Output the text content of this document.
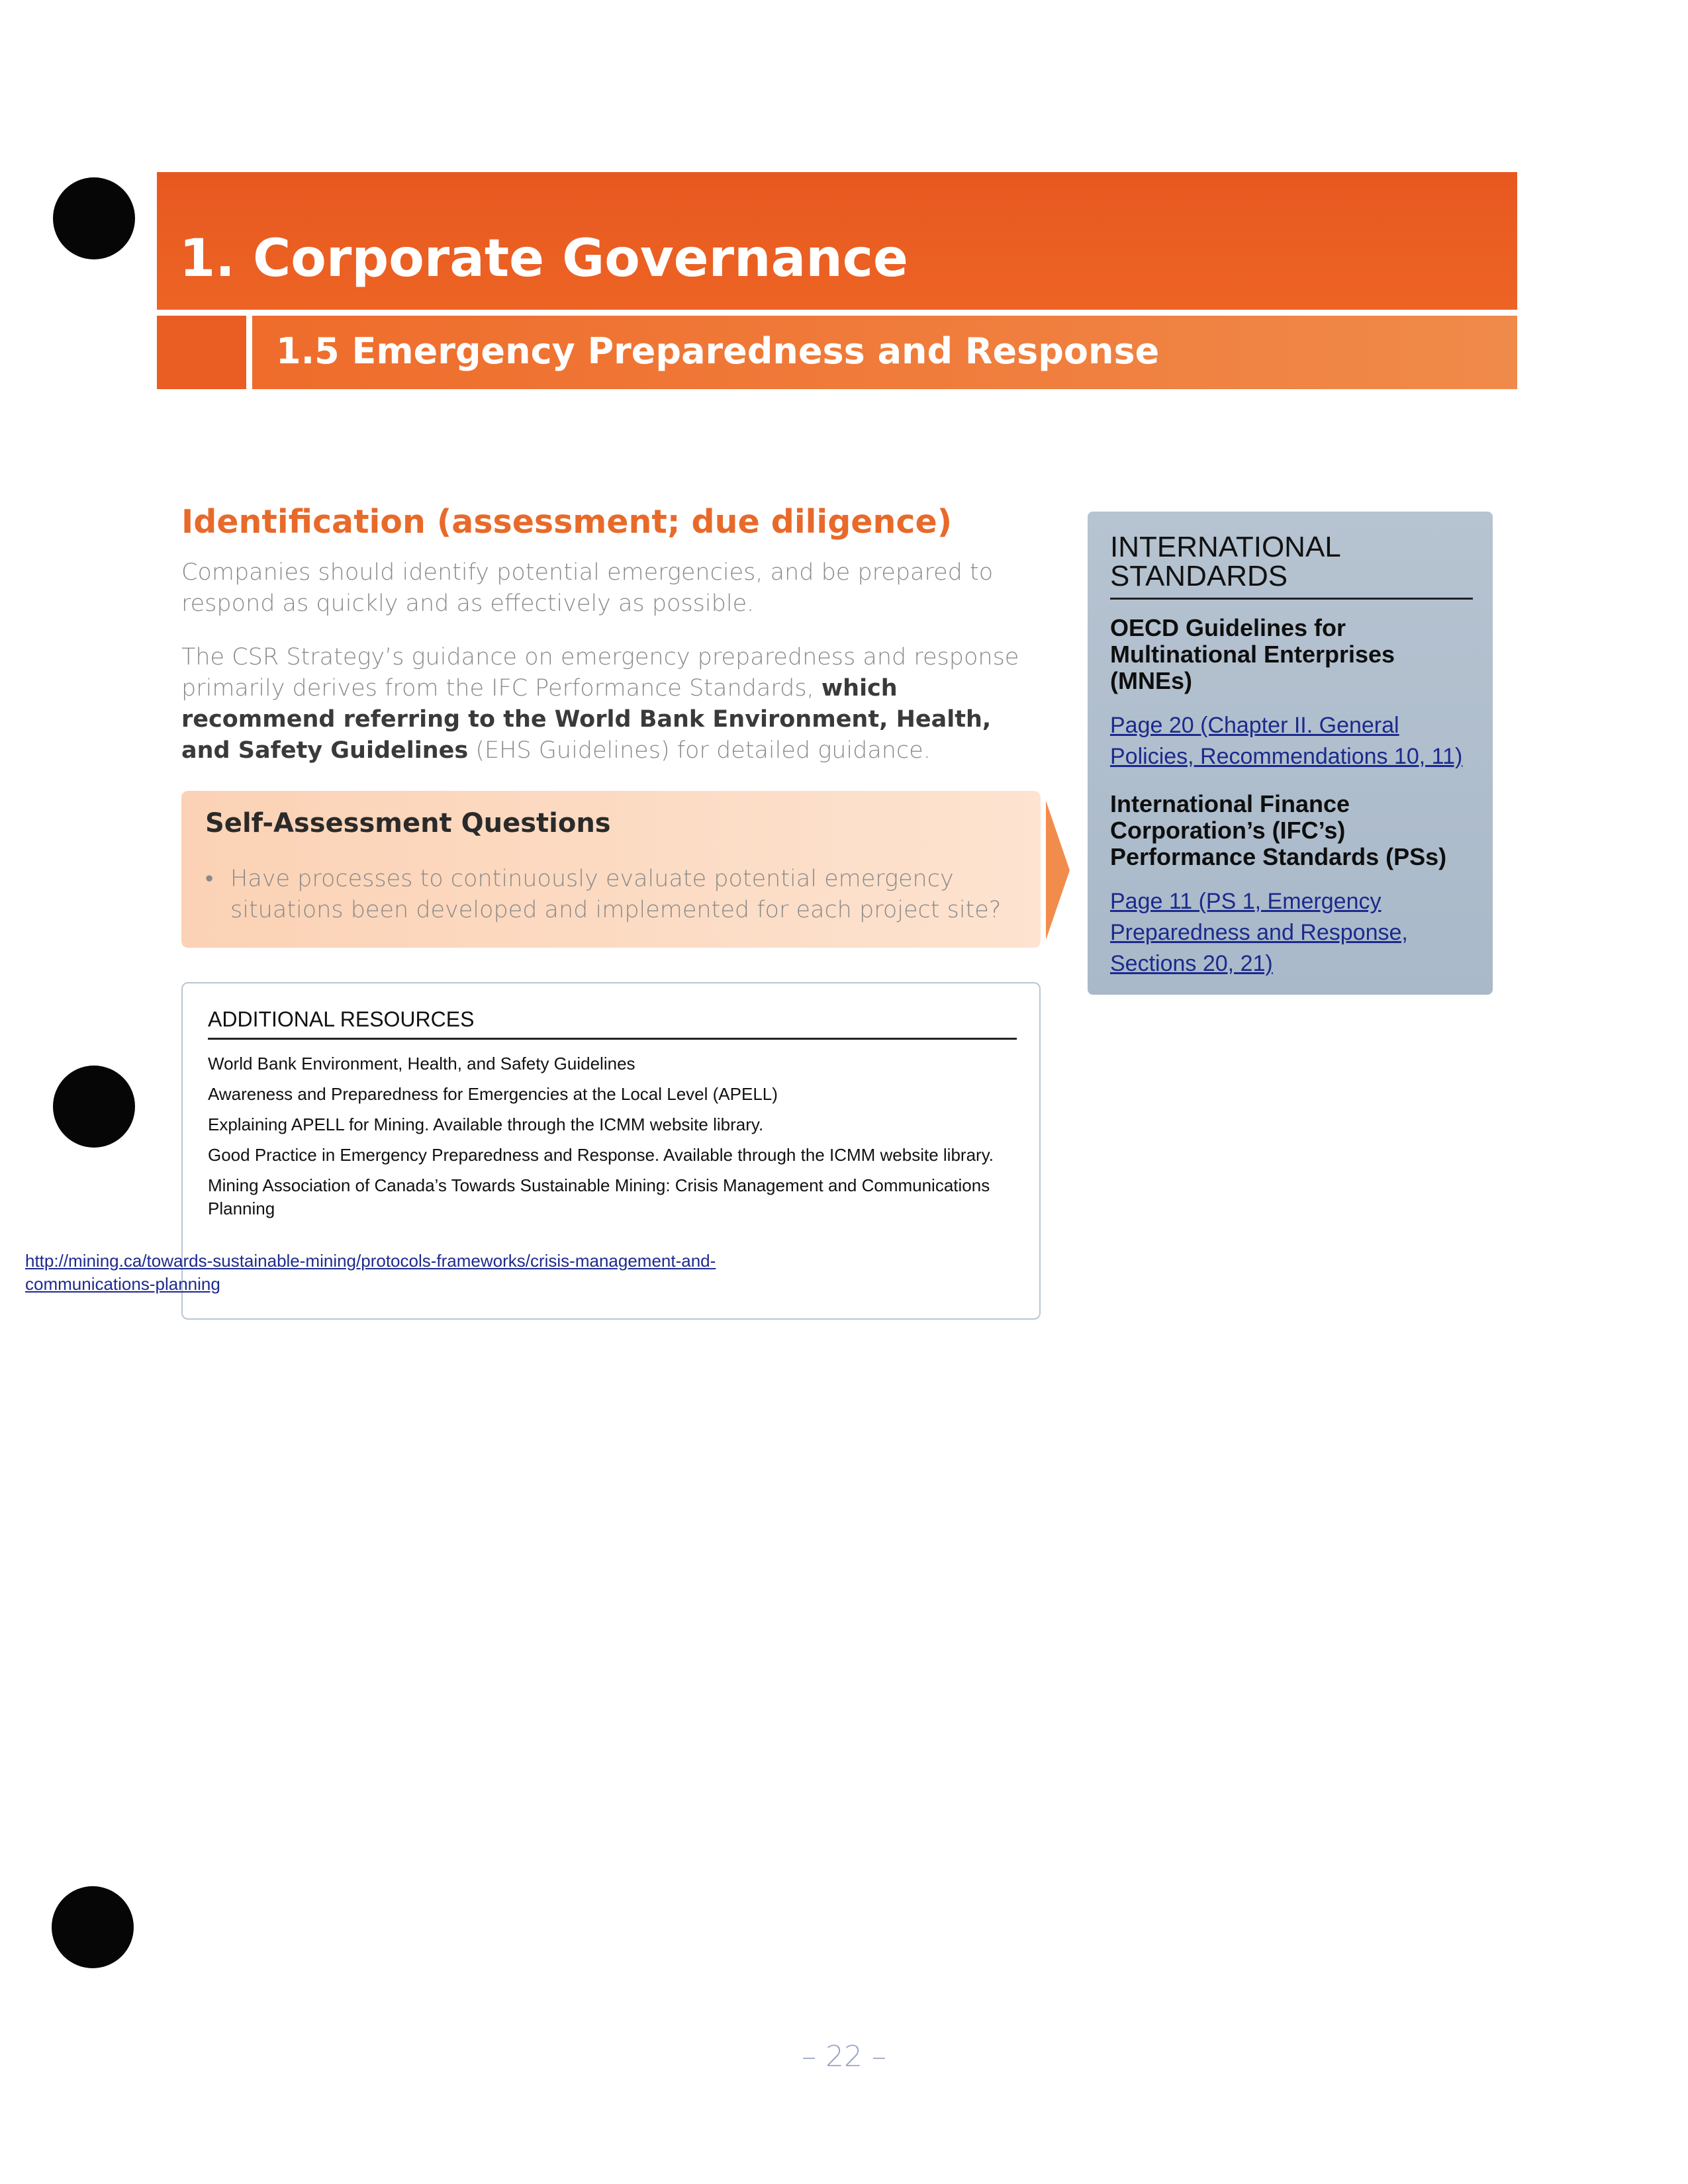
1. Corporate Governance
1.5 Emergency Preparedness and Response
Identification (assessment; due diligence)
Companies should identify potential emergencies, and be prepared to respond as quickly and as effectively as possible.
The CSR Strategy’s guidance on emergency preparedness and response primarily derives from the IFC Performance Standards, which recommend referring to the World Bank Environment, Health, and Safety Guidelines (EHS Guidelines) for detailed guidance.
Self-Assessment Questions
• Have processes to continuously evaluate potential emergency situations been developed and implemented for each project site?
ADDITIONAL RESOURCES
World Bank Environment, Health, and Safety Guidelines
Awareness and Preparedness for Emergencies at the Local Level (APELL)
Explaining APELL for Mining. Available through the ICMM website library.
Good Practice in Emergency Preparedness and Response. Available through the ICMM website library.
Mining Association of Canada’s Towards Sustainable Mining: Crisis Management and Communications Planning
http://mining.ca/towards-sustainable-mining/protocols-frameworks/crisis-management-and-communications-planning
INTERNATIONAL STANDARDS
OECD Guidelines for Multinational Enterprises (MNEs)
Page 20 (Chapter II. General Policies, Recommendations 10, 11)
International Finance Corporation’s (IFC’s) Performance Standards (PSs)
Page 11 (PS 1, Emergency Preparedness and Response, Sections 20, 21)
– 22 –
